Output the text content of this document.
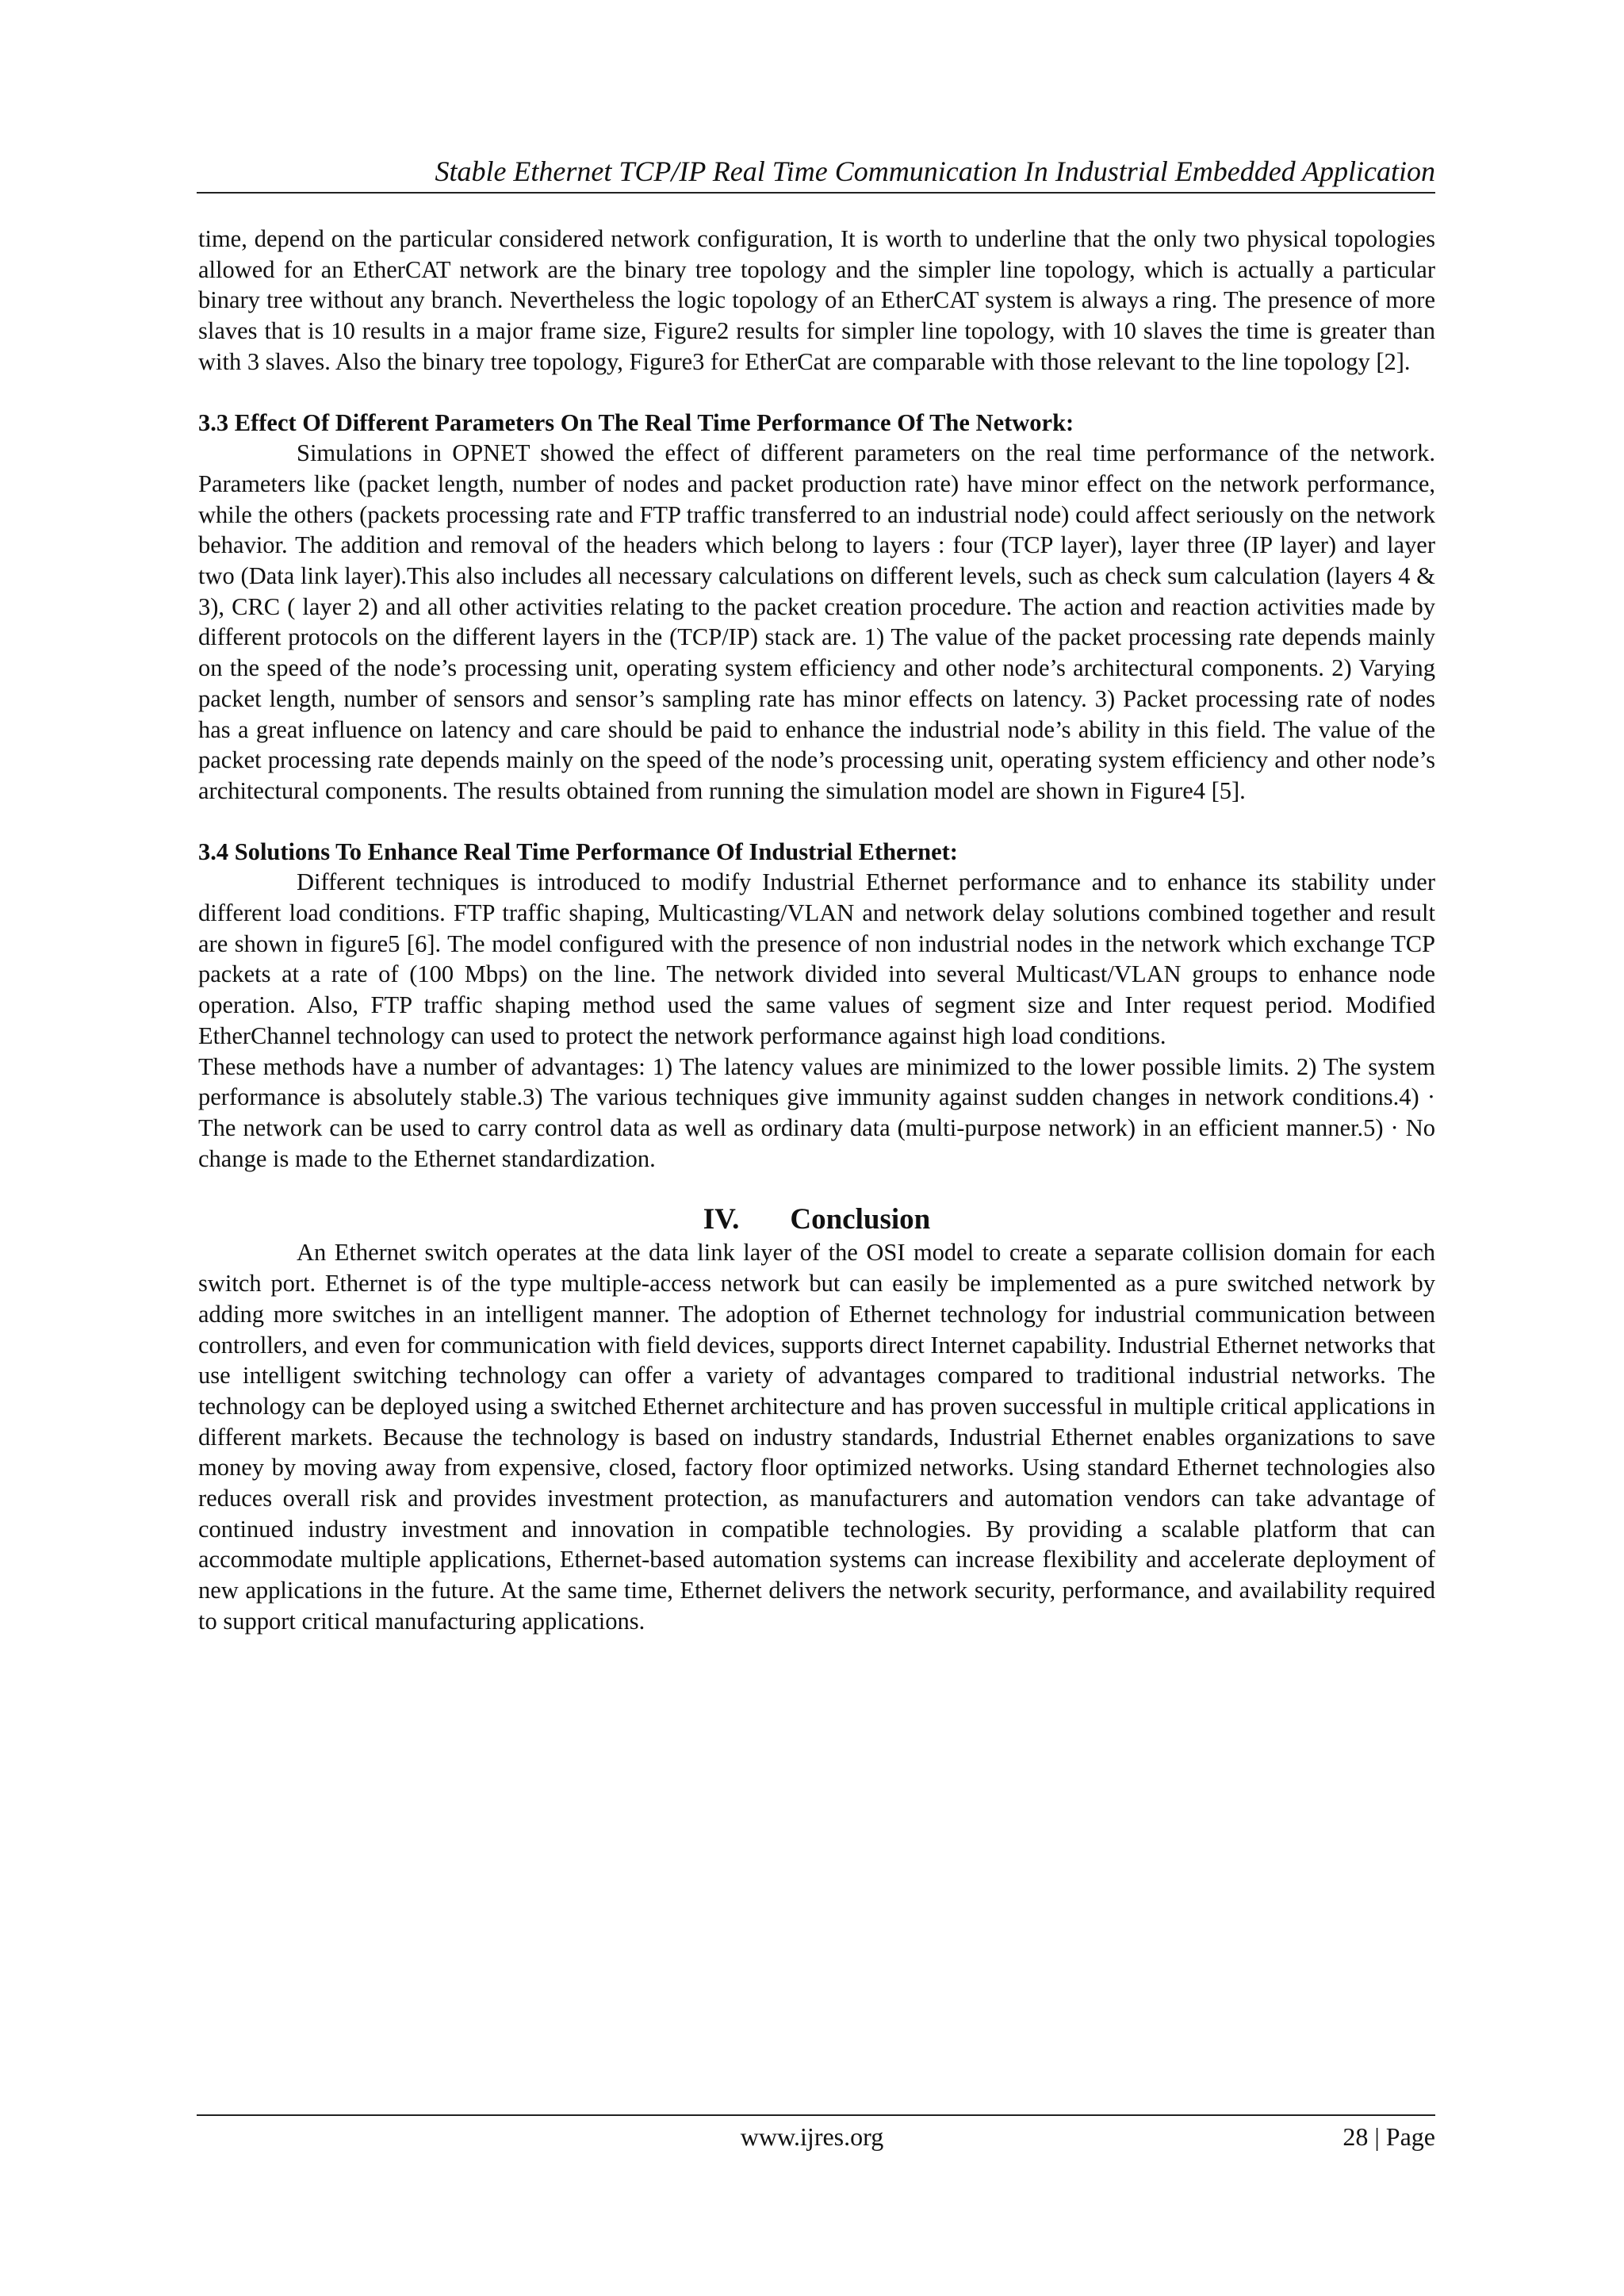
Stable Ethernet TCP/IP Real Time Communication In Industrial Embedded Application

time, depend on the particular considered network configuration, It is worth to underline that the only two physical topologies allowed for an EtherCAT network are the binary tree topology and the simpler line topology, which is actually a particular binary tree without any branch. Nevertheless the logic topology of an EtherCAT system is always a ring. The presence of more slaves that is 10 results in a major frame size, Figure2 results for simpler line topology, with 10 slaves the time is greater than with 3 slaves. Also the binary tree topology, Figure3 for EtherCat are comparable with those relevant to the line topology [2].

3.3 Effect Of Different Parameters On The Real Time Performance Of The Network:

Simulations in OPNET showed the effect of different parameters on the real time performance of the network. Parameters like (packet length, number of nodes and packet production rate) have minor effect on the network performance, while the others (packets processing rate and FTP traffic transferred to an industrial node) could affect seriously on the network behavior. The addition and removal of the headers which belong to layers : four (TCP layer), layer three (IP layer) and layer two (Data link layer).This also includes all necessary calculations on different levels, such as check sum calculation (layers 4 & 3), CRC ( layer 2) and all other activities relating to the packet creation procedure. The action and reaction activities made by different protocols on the different layers in the (TCP/IP) stack are. 1) The value of the packet processing rate depends mainly on the speed of the node’s processing unit, operating system efficiency and other node’s architectural components. 2) Varying packet length, number of sensors and sensor’s sampling rate has minor effects on latency. 3) Packet processing rate of nodes has a great influence on latency and care should be paid to enhance the industrial node’s ability in this field. The value of the packet processing rate depends mainly on the speed of the node’s processing unit, operating system efficiency and other node’s architectural components. The results obtained from running the simulation model are shown in Figure4 [5].

3.4 Solutions To Enhance Real Time Performance Of Industrial Ethernet:

Different techniques is introduced to modify Industrial Ethernet performance and to enhance its stability under different load conditions. FTP traffic shaping, Multicasting/VLAN and network delay solutions combined together and result are shown in figure5 [6]. The model configured with the presence of non industrial nodes in the network which exchange TCP packets at a rate of (100 Mbps) on the line. The network divided into several Multicast/VLAN groups to enhance node operation. Also, FTP traffic shaping method used the same values of segment size and Inter request period. Modified EtherChannel technology can used to protect the network performance against high load conditions.

These methods have a number of advantages: 1) The latency values are minimized to the lower possible limits. 2) The system performance is absolutely stable.3) The various techniques give immunity against sudden changes in network conditions.4) · The network can be used to carry control data as well as ordinary data (multi-purpose network) in an efficient manner.5) · No change is made to the Ethernet standardization.

IV. Conclusion

An Ethernet switch operates at the data link layer of the OSI model to create a separate collision domain for each switch port. Ethernet is of the type multiple-access network but can easily be implemented as a pure switched network by adding more switches in an intelligent manner. The adoption of Ethernet technology for industrial communication between controllers, and even for communication with field devices, supports direct Internet capability. Industrial Ethernet networks that use intelligent switching technology can offer a variety of advantages compared to traditional industrial networks. The technology can be deployed using a switched Ethernet architecture and has proven successful in multiple critical applications in different markets. Because the technology is based on industry standards, Industrial Ethernet enables organizations to save money by moving away from expensive, closed, factory floor optimized networks. Using standard Ethernet technologies also reduces overall risk and provides investment protection, as manufacturers and automation vendors can take advantage of continued industry investment and innovation in compatible technologies. By providing a scalable platform that can accommodate multiple applications, Ethernet-based automation systems can increase flexibility and accelerate deployment of new applications in the future. At the same time, Ethernet delivers the network security, performance, and availability required to support critical manufacturing applications.

www.ijres.org	28 | Page
